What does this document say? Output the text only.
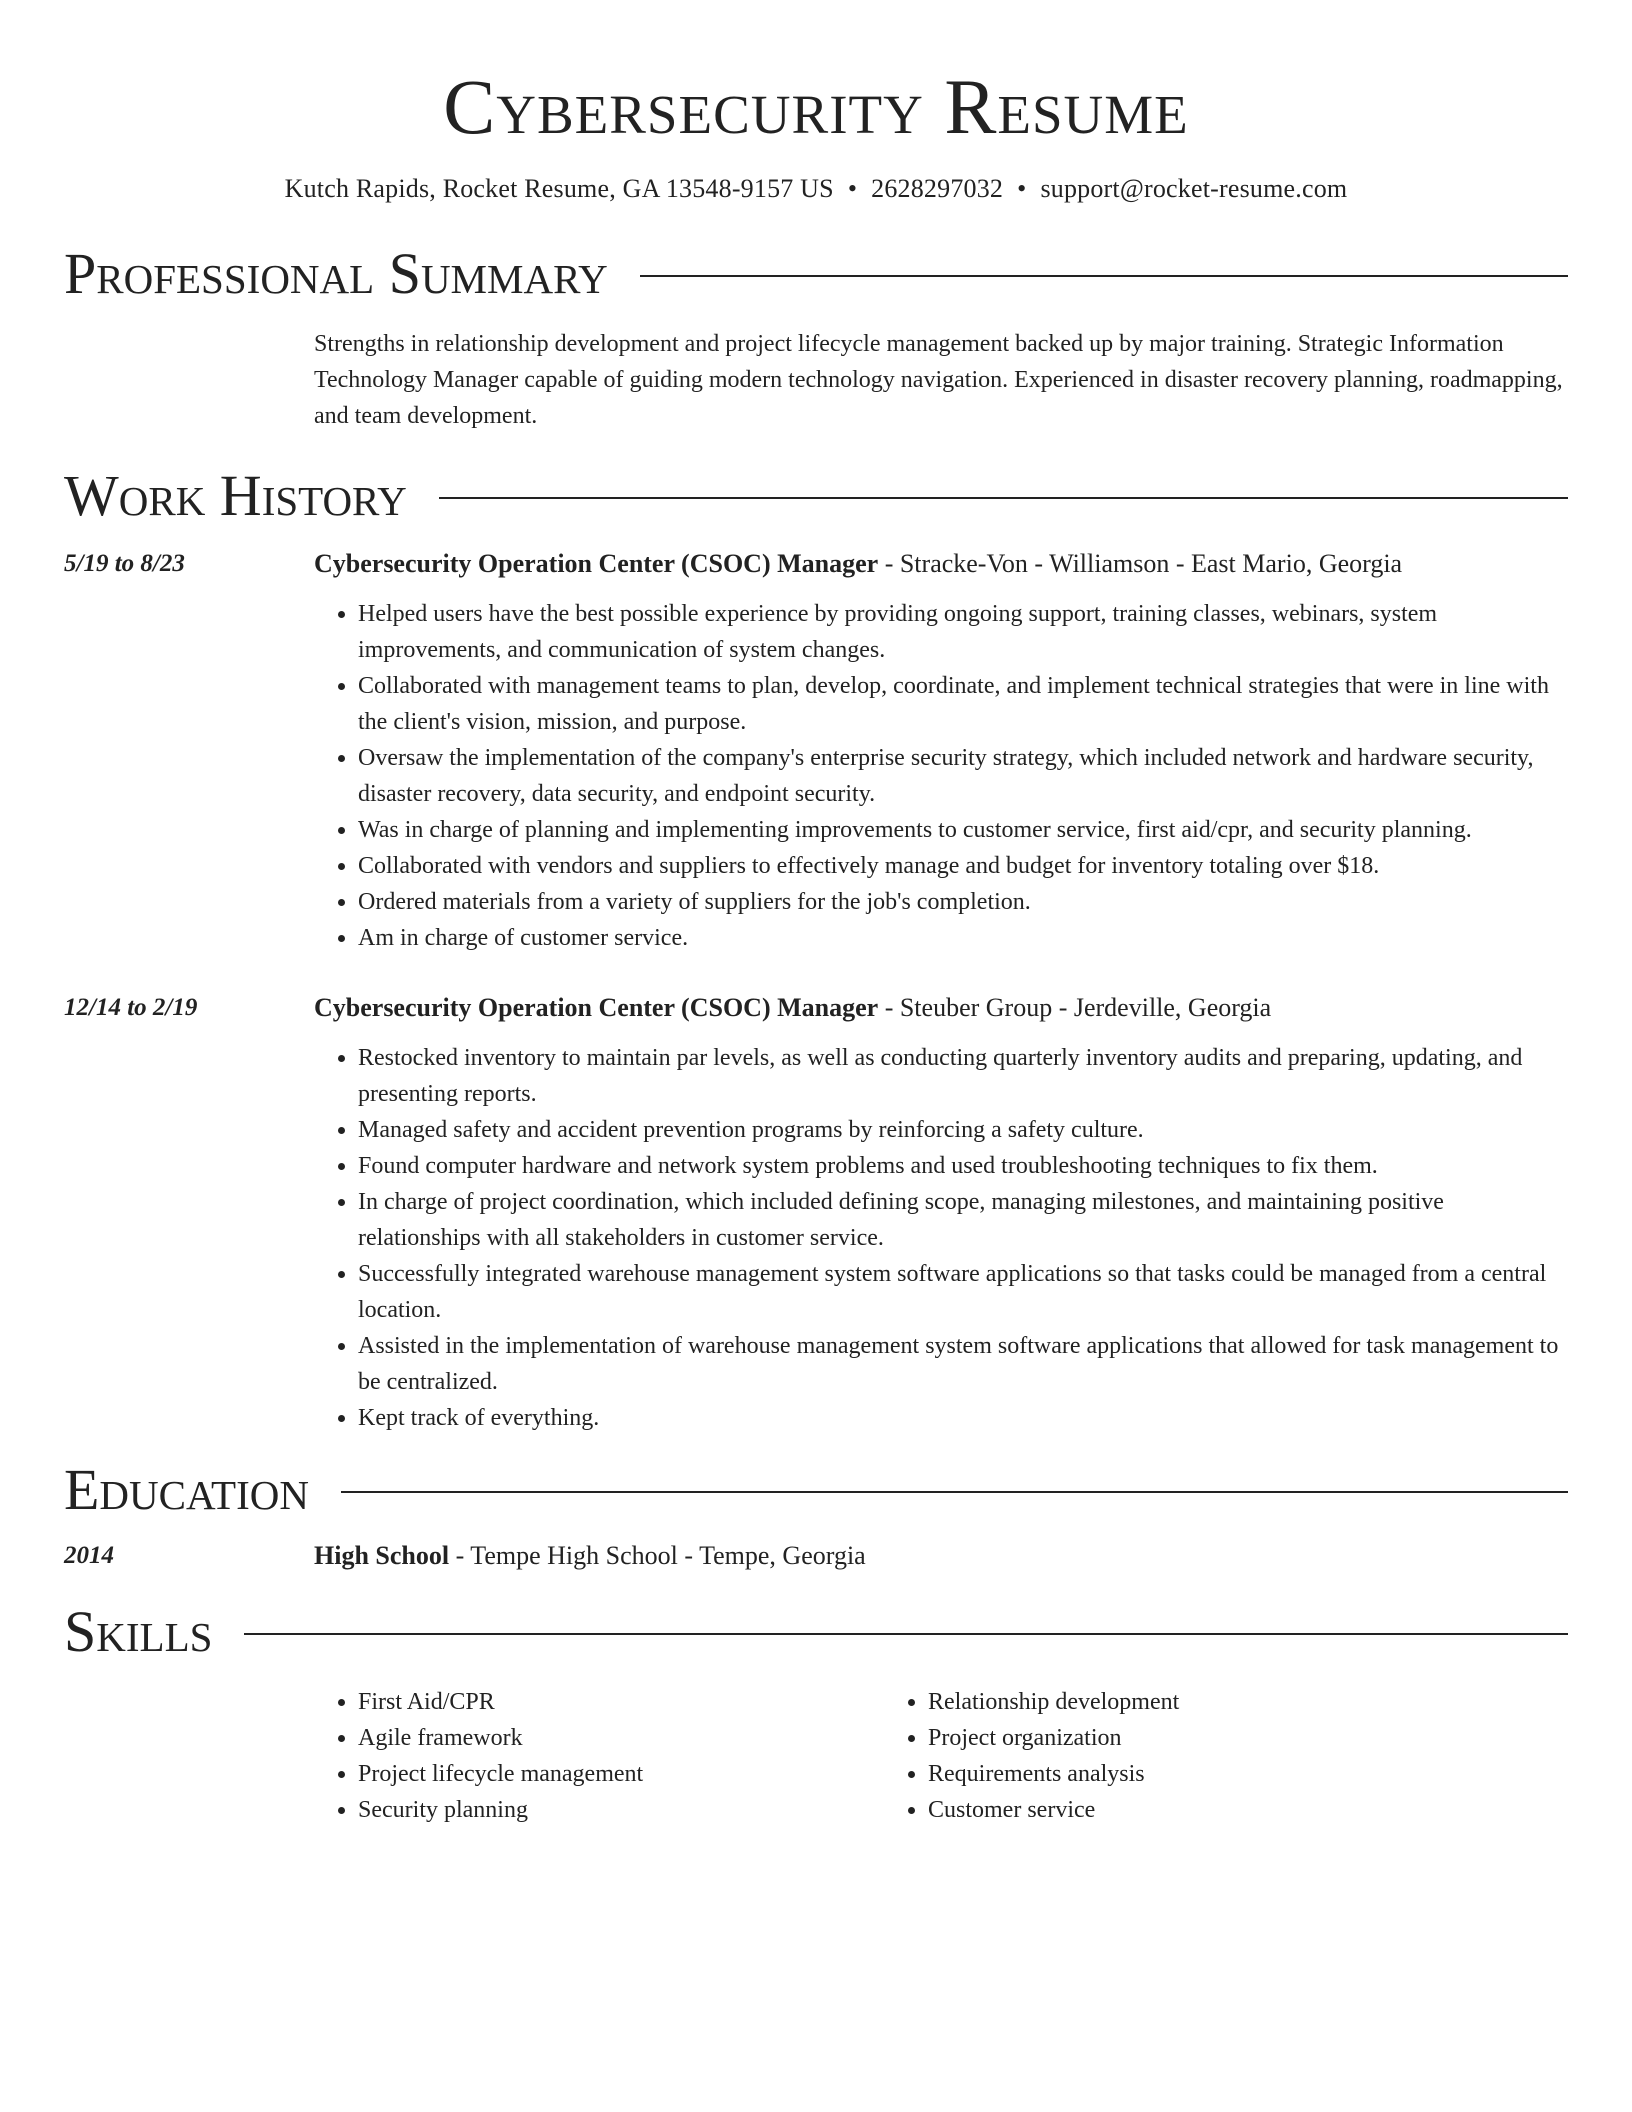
Cybersecurity Resume
Kutch Rapids, Rocket Resume, GA 13548-9157 US • 2628297032 • support@rocket-resume.com
Professional Summary
Strengths in relationship development and project lifecycle management backed up by major training. Strategic Information Technology Manager capable of guiding modern technology navigation. Experienced in disaster recovery planning, roadmapping, and team development.
Work History
5/19 to 8/23	Cybersecurity Operation Center (CSOC) Manager - Stracke-Von - Williamson - East Mario, Georgia
• Helped users have the best possible experience by providing ongoing support, training classes, webinars, system improvements, and communication of system changes.
• Collaborated with management teams to plan, develop, coordinate, and implement technical strategies that were in line with the client's vision, mission, and purpose.
• Oversaw the implementation of the company's enterprise security strategy, which included network and hardware security, disaster recovery, data security, and endpoint security.
• Was in charge of planning and implementing improvements to customer service, first aid/cpr, and security planning.
• Collaborated with vendors and suppliers to effectively manage and budget for inventory totaling over $18.
• Ordered materials from a variety of suppliers for the job's completion.
• Am in charge of customer service.
12/14 to 2/19	Cybersecurity Operation Center (CSOC) Manager - Steuber Group - Jerdeville, Georgia
• Restocked inventory to maintain par levels, as well as conducting quarterly inventory audits and preparing, updating, and presenting reports.
• Managed safety and accident prevention programs by reinforcing a safety culture.
• Found computer hardware and network system problems and used troubleshooting techniques to fix them.
• In charge of project coordination, which included defining scope, managing milestones, and maintaining positive relationships with all stakeholders in customer service.
• Successfully integrated warehouse management system software applications so that tasks could be managed from a central location.
• Assisted in the implementation of warehouse management system software applications that allowed for task management to be centralized.
• Kept track of everything.
Education
2014	High School - Tempe High School - Tempe, Georgia
Skills
• First Aid/CPR
• Agile framework
• Project lifecycle management
• Security planning
• Relationship development
• Project organization
• Requirements analysis
• Customer service
